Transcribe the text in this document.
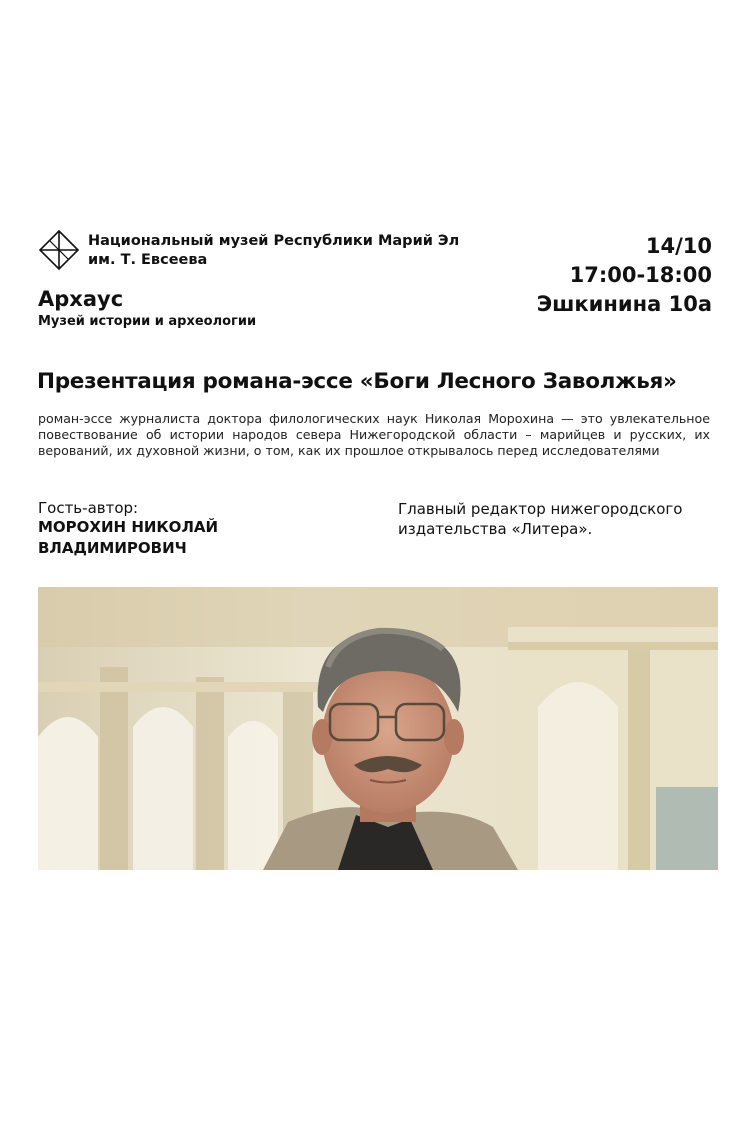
Национальный музей Республики Марий Эл
им. Т. Евсеева
Архаус
Музей истории и археологии
14/10
17:00-18:00
Эшкинина 10а
Презентация романа-эссе «Боги Лесного Заволжья»
роман-эссе журналиста доктора филологических наук Николая Морохина — это увлекательное повествование об истории народов севера Нижегородской области – марийцев и русских, их верований, их духовной жизни, о том, как их прошлое открывалось перед исследователями
Гость-автор:
МОРОХИН НИКОЛАЙ
ВЛАДИМИРОВИЧ
Главный редактор нижегородского
издательства «Литера».
